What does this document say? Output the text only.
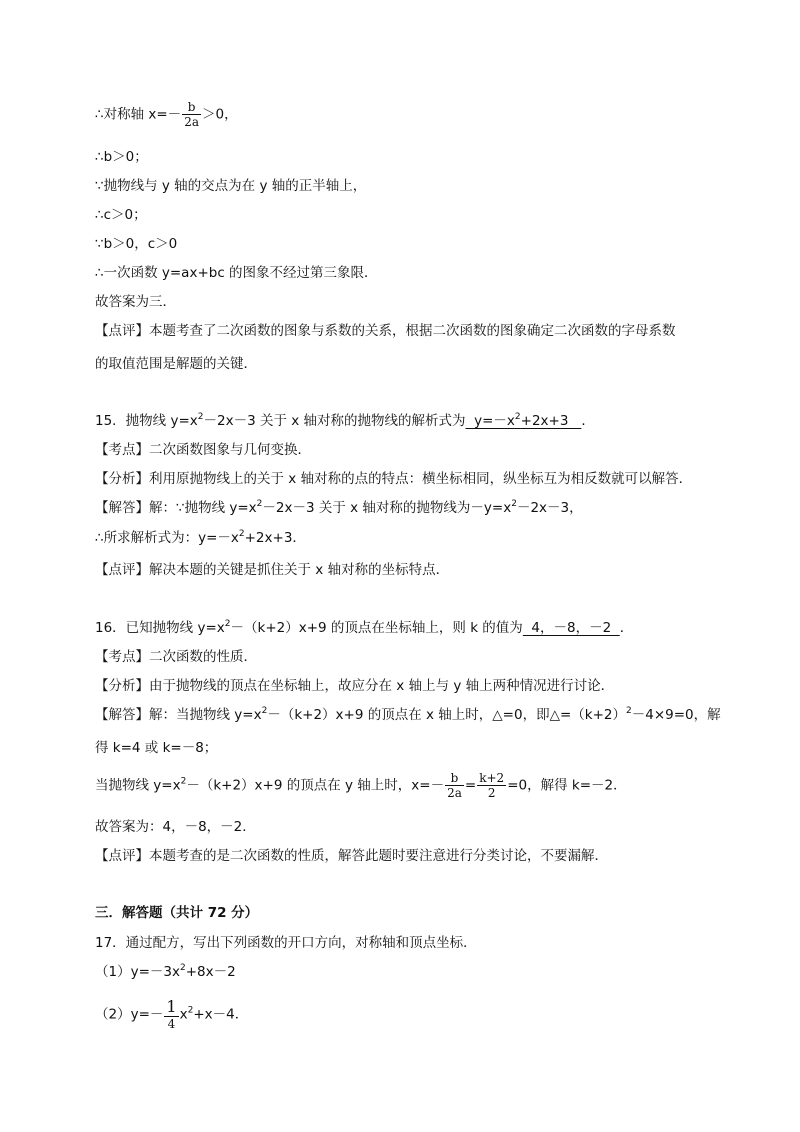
∴对称轴 $x=- \frac{b}{2a} >0$，
∴b＞0；
∵抛物线与 y 轴的交点为在 y 轴的正半轴上，
∴c＞0；
∵b＞0，c＞0
∴一次函数 y=ax+bc 的图象不经过第三象限．
故答案为三．
【点评】本题考查了二次函数的图象与系数的关系，根据二次函数的图象确定二次函数的字母系数
的取值范围是解题的关键．
15．抛物线 $y=x^2-2x-3$ 关于 x 轴对称的抛物线的解析式为  $y=-x^2+2x+3$   ．
【考点】二次函数图象与几何变换．
【分析】利用原抛物线上的关于 x 轴对称的点的特点：横坐标相同，纵坐标互为相反数就可以解答．
【解答】解：∵抛物线 $y=x^2-2x-3$ 关于 x 轴对称的抛物线为$-y=x^2-2x-3$，
∴所求解析式为：$y=-x^2+2x+3$．
【点评】解决本题的关键是抓住关于 x 轴对称的坐标特点．
16．已知抛物线 $y=x^2-(k+2)x+9$ 的顶点在坐标轴上，则 k 的值为  4，－8，－2  ．
【考点】二次函数的性质．
【分析】由于抛物线的顶点在坐标轴上，故应分在 x 轴上与 y 轴上两种情况进行讨论．
【解答】解：当抛物线 $y=x^2-(k+2)x+9$ 的顶点在 x 轴上时，△=0，即$\triangle=(k+2)^2-4\times 9=0$，解
得 k=4 或 k=－8；
当抛物线 $y=x^2-(k+2)x+9$ 的顶点在 y 轴上时，$x=- \frac{b}{2a} = \frac{k+2}{2} =0$，解得 k=－2．
故答案为：4，－8，－2．
【点评】本题考查的是二次函数的性质，解答此题时要注意进行分类讨论，不要漏解．
三．解答题（共计 72 分）
17．通过配方，写出下列函数的开口方向，对称轴和顶点坐标．
$(1)y=-3x^2+8x-2$
$(2)y=- \frac{1}{4} x^2+x-4$．
